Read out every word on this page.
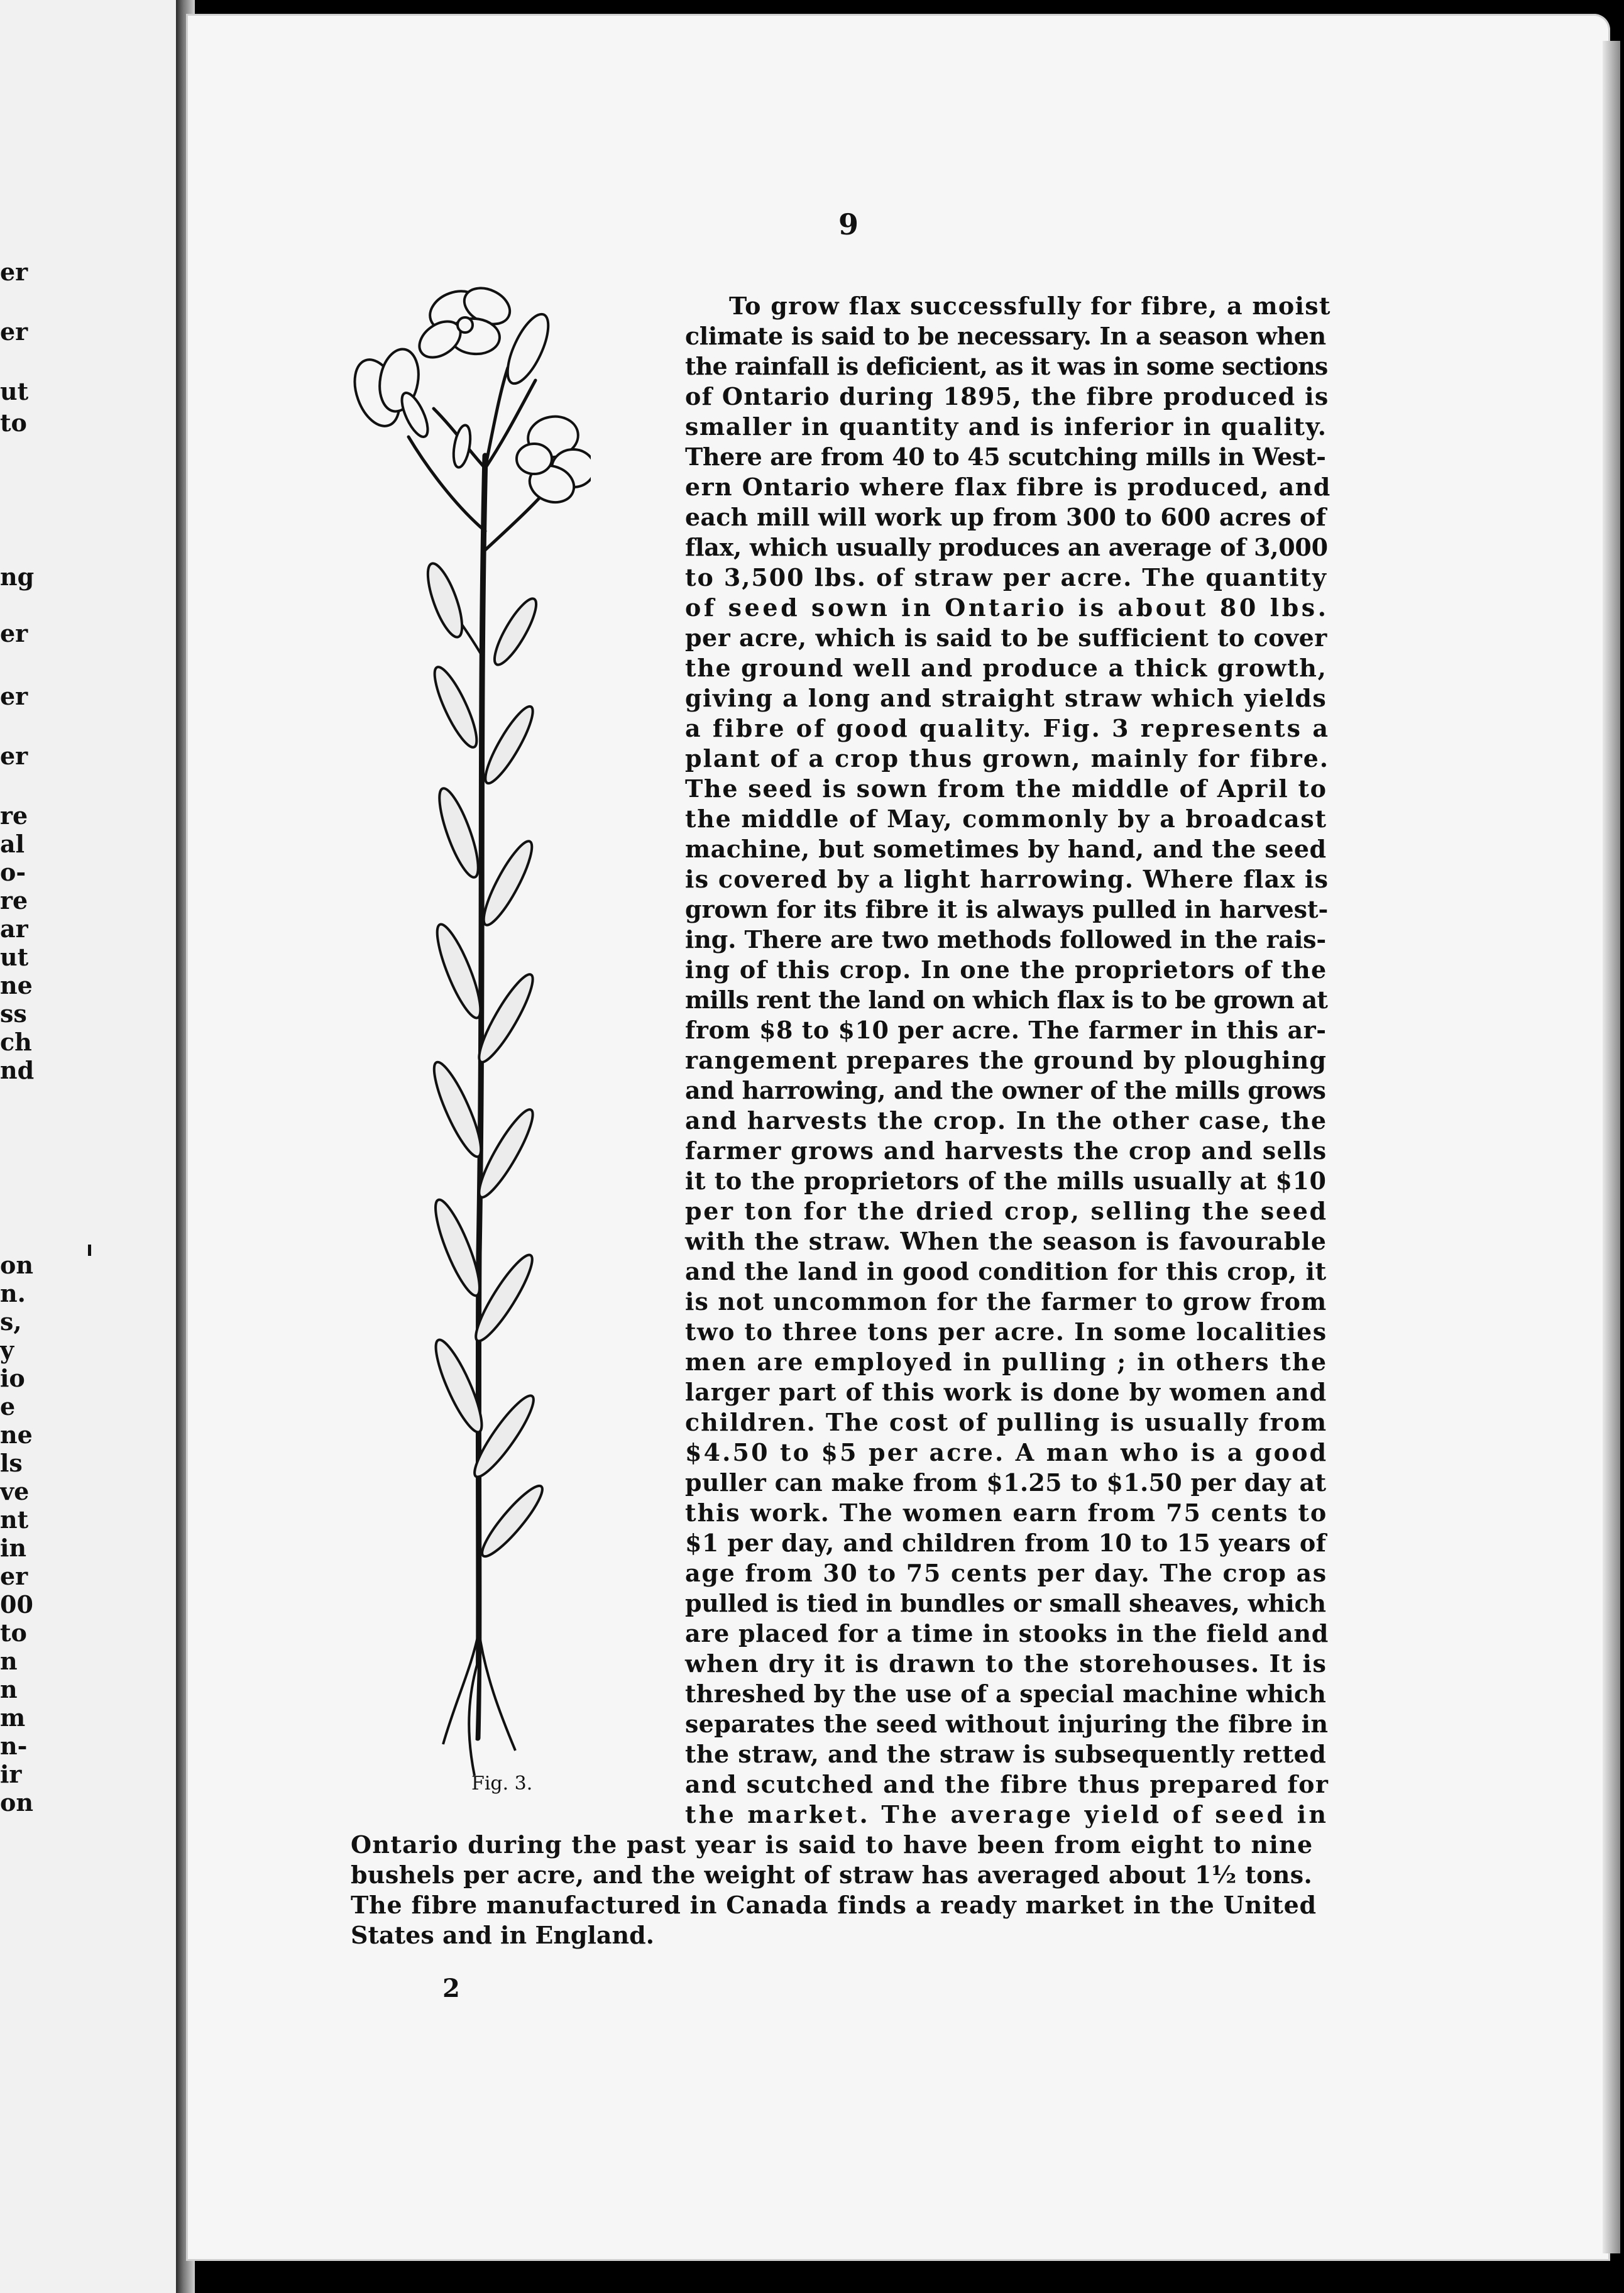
er
er
ut
to
ng
er
er
er
re
al
o-
re
ar
ut
ne
ss
ch
nd
on
n.
s,
y
io
e
ne
ls
ve
nt
in
er
00
to
n
n
m
n-
ir
on
9
Fig. 3.
To grow flax successfully for fibre, a moist
climate is said to be necessary. In a season when
the rainfall is deficient, as it was in some sections
of Ontario during 1895, the fibre produced is
smaller in quantity and is inferior in quality.
There are from 40 to 45 scutching mills in West-
ern Ontario where flax fibre is produced, and
each mill will work up from 300 to 600 acres of
flax, which usually produces an average of 3,000
to 3,500 lbs. of straw per acre. The quantity
of seed sown in Ontario is about 80 lbs.
per acre, which is said to be sufficient to cover
the ground well and produce a thick growth,
giving a long and straight straw which yields
a fibre of good quality. Fig. 3 represents a
plant of a crop thus grown, mainly for fibre.
The seed is sown from the middle of April to
the middle of May, commonly by a broadcast
machine, but sometimes by hand, and the seed
is covered by a light harrowing. Where flax is
grown for its fibre it is always pulled in harvest-
ing. There are two methods followed in the rais-
ing of this crop. In one the proprietors of the
mills rent the land on which flax is to be grown at
from $8 to $10 per acre. The farmer in this ar-
rangement prepares the ground by ploughing
and harrowing, and the owner of the mills grows
and harvests the crop. In the other case, the
farmer grows and harvests the crop and sells
it to the proprietors of the mills usually at $10
per ton for the dried crop, selling the seed
with the straw. When the season is favourable
and the land in good condition for this crop, it
is not uncommon for the farmer to grow from
two to three tons per acre. In some localities
men are employed in pulling ; in others the
larger part of this work is done by women and
children. The cost of pulling is usually from
$4.50 to $5 per acre. A man who is a good
puller can make from $1.25 to $1.50 per day at
this work. The women earn from 75 cents to
$1 per day, and children from 10 to 15 years of
age from 30 to 75 cents per day. The crop as
pulled is tied in bundles or small sheaves, which
are placed for a time in stooks in the field and
when dry it is drawn to the storehouses. It is
threshed by the use of a special machine which
separates the seed without injuring the fibre in
the straw, and the straw is subsequently retted
and scutched and the fibre thus prepared for
the market. The average yield of seed in
Ontario during the past year is said to have been from eight to nine
bushels per acre, and the weight of straw has averaged about 1½ tons.
The fibre manufactured in Canada finds a ready market in the United
States and in England.
2
